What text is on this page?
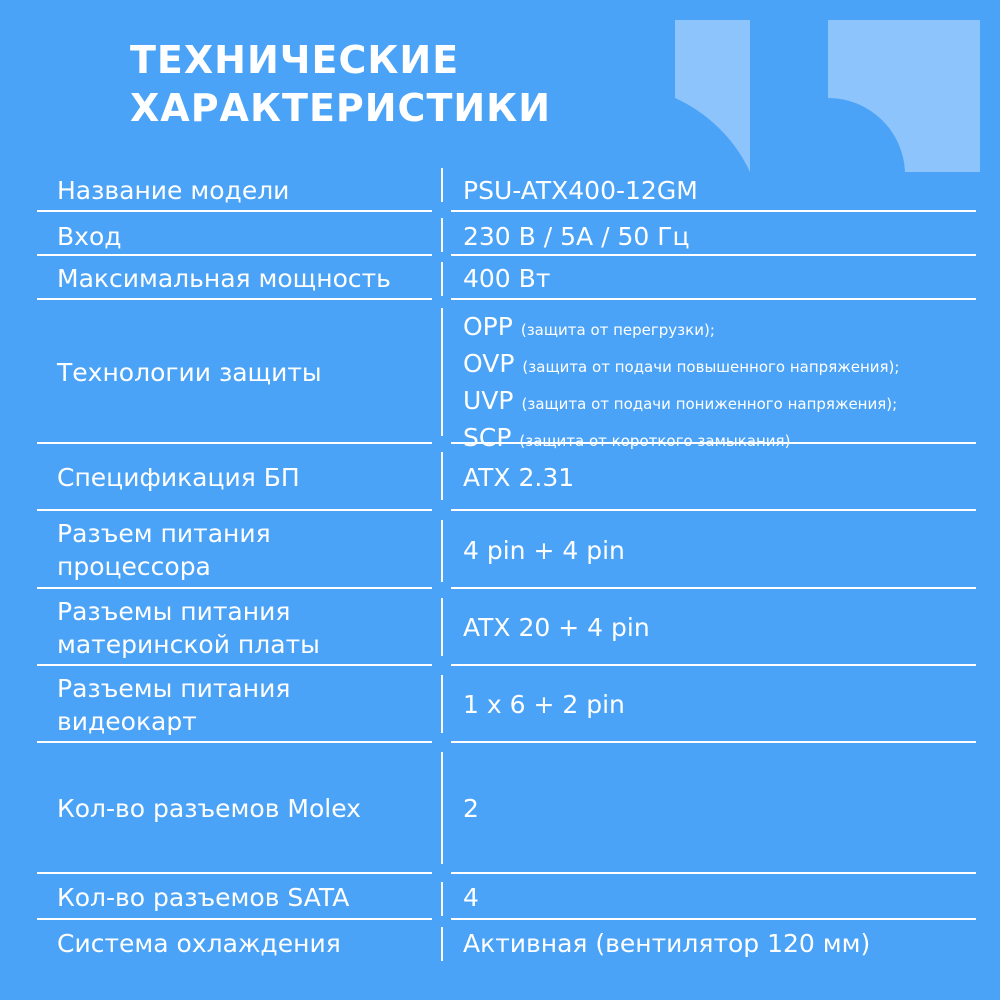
ТЕХНИЧЕСКИЕ
ХАРАКТЕРИСТИКИ
Название модели
Вход
Максимальная мощность
Технологии защиты
Спецификация БП
Разъем питания процессора
Разъемы питания материнской платы
Разъемы питания видеокарт
Кол-во разъемов Molex
Кол-во разъемов SATA
Система охлаждения
PSU-ATX400-12GM
230 В / 5А / 50 Гц
400 Вт
OPP (защита от перегрузки);
OVP (защита от подачи повышенного напряжения);
UVP (защита от подачи пониженного напряжения);
SCP (защита от короткого замыкания)
ATX 2.31
4 pin + 4 pin
ATX 20 + 4 pin
1 x 6 + 2 pin
2
4
Активная (вентилятор 120 мм)
